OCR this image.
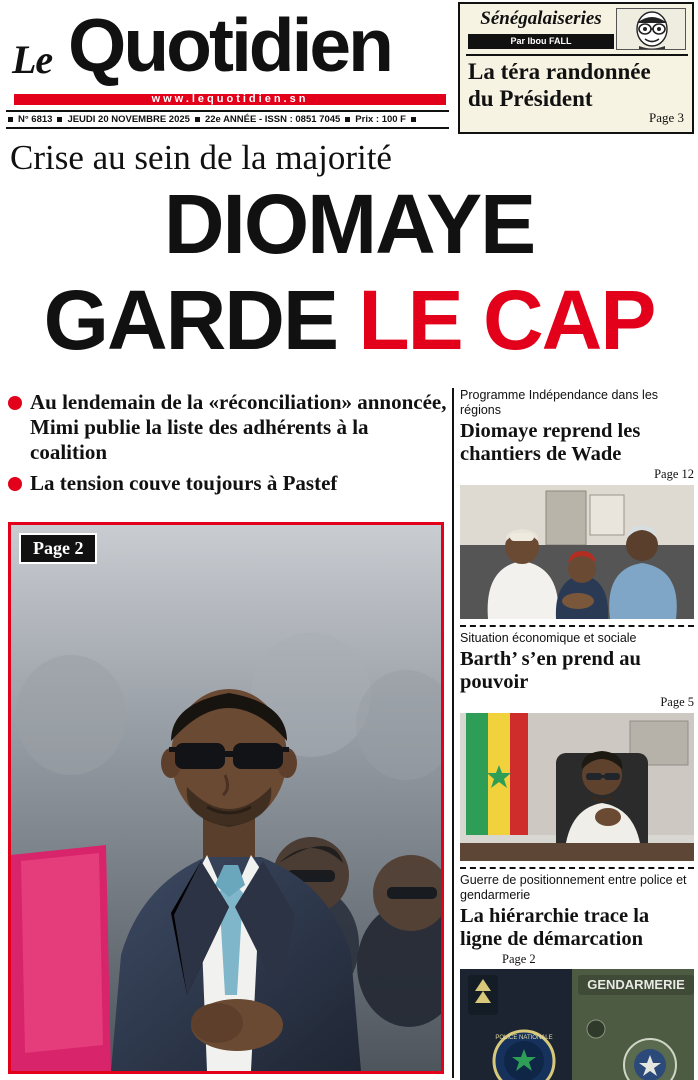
Le Quotidien
www.lequotidien.sn
N° 6813 JEUDI 20 NOVEMBRE 2025 22e ANNÉE - ISSN : 0851 7045 Prix : 100 F
Sénégalaiseries
Par Ibou FALL
La téra randonnée
du Président
Page 3
Crise au sein de la majorité
DIOMAYE
GARDE LE CAP
Au lendemain de la «réconciliation» annoncée, Mimi publie la liste des adhérents à la coalition
La tension couve toujours à Pastef
Page 2
Programme Indépendance dans les régions
Diomaye reprend les chantiers de Wade
Page 12
Situation économique et sociale
Barth’ s’en prend au pouvoir
Page 5
Guerre de positionnement entre police et gendarmerie
La hiérarchie trace la ligne de démarcation
Page 2
POLICE NATIONALE
GENDARMERIE
